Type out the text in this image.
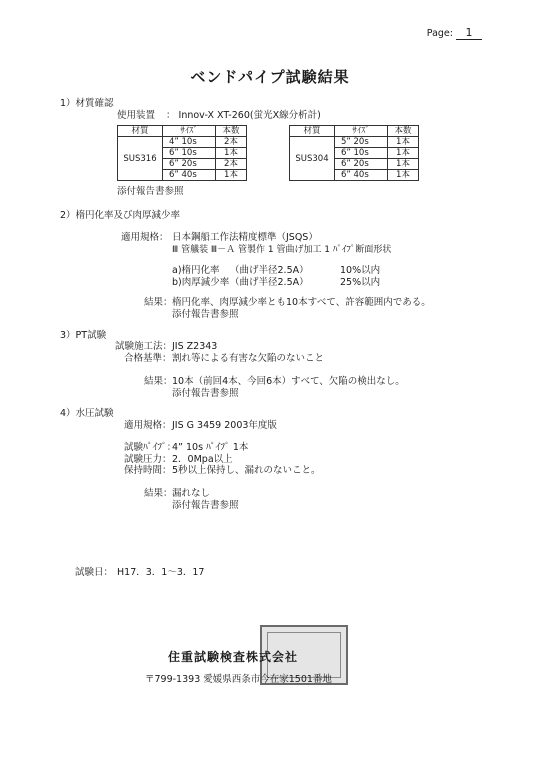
Page: 1
ベンドパイプ試験結果
1）材質確認
使用装置 ： Innov-X XT-260(蛍光X線分析計)
材質	ｻｲｽﾞ	本数
SUS316	4” 10s	2本
	6” 10s	1本
	6” 20s	2本
	6” 40s	1本
材質	ｻｲｽﾞ	本数
SUS304	5” 20s	1本
	6” 10s	1本
	6” 20s	1本
	6” 40s	1本
添付報告書参照
2）楕円化率及び肉厚減少率
適用規格： 日本鋼船工作法精度標準（JSQS）
Ⅲ 管艤装 Ⅲ－Ａ 管製作 1 管曲げ加工 1 ﾊﾟｲﾌﾟ断面形状
a)楕円化率 （曲げ半径2.5A）	10%以内
b)肉厚減少率 （曲げ半径2.5A）	25%以内
結果： 楕円化率、肉厚減少率とも10本すべて、許容範囲内である。
添付報告書参照
3）PT試験
試験施工法： JIS Z2343
合格基準： 割れ等による有害な欠陥のないこと
結果： 10本（前回4本、今回6本）すべて、欠陥の検出なし。
添付報告書参照
4）水圧試験
適用規格： JIS G 3459 2003年度版
試験ﾊﾟｲﾌﾟ：
4” 10s ﾊﾟｲﾌﾟ 1本
試験圧力： 2．0Mpa以上
保持時間： 5秒以上保持し、漏れのないこと。
結果： 漏れなし
添付報告書参照
試験日： H17．3．1～3．17
住重試験検査株式会社
〒799-1393 愛媛県西条市今在家1501番地
